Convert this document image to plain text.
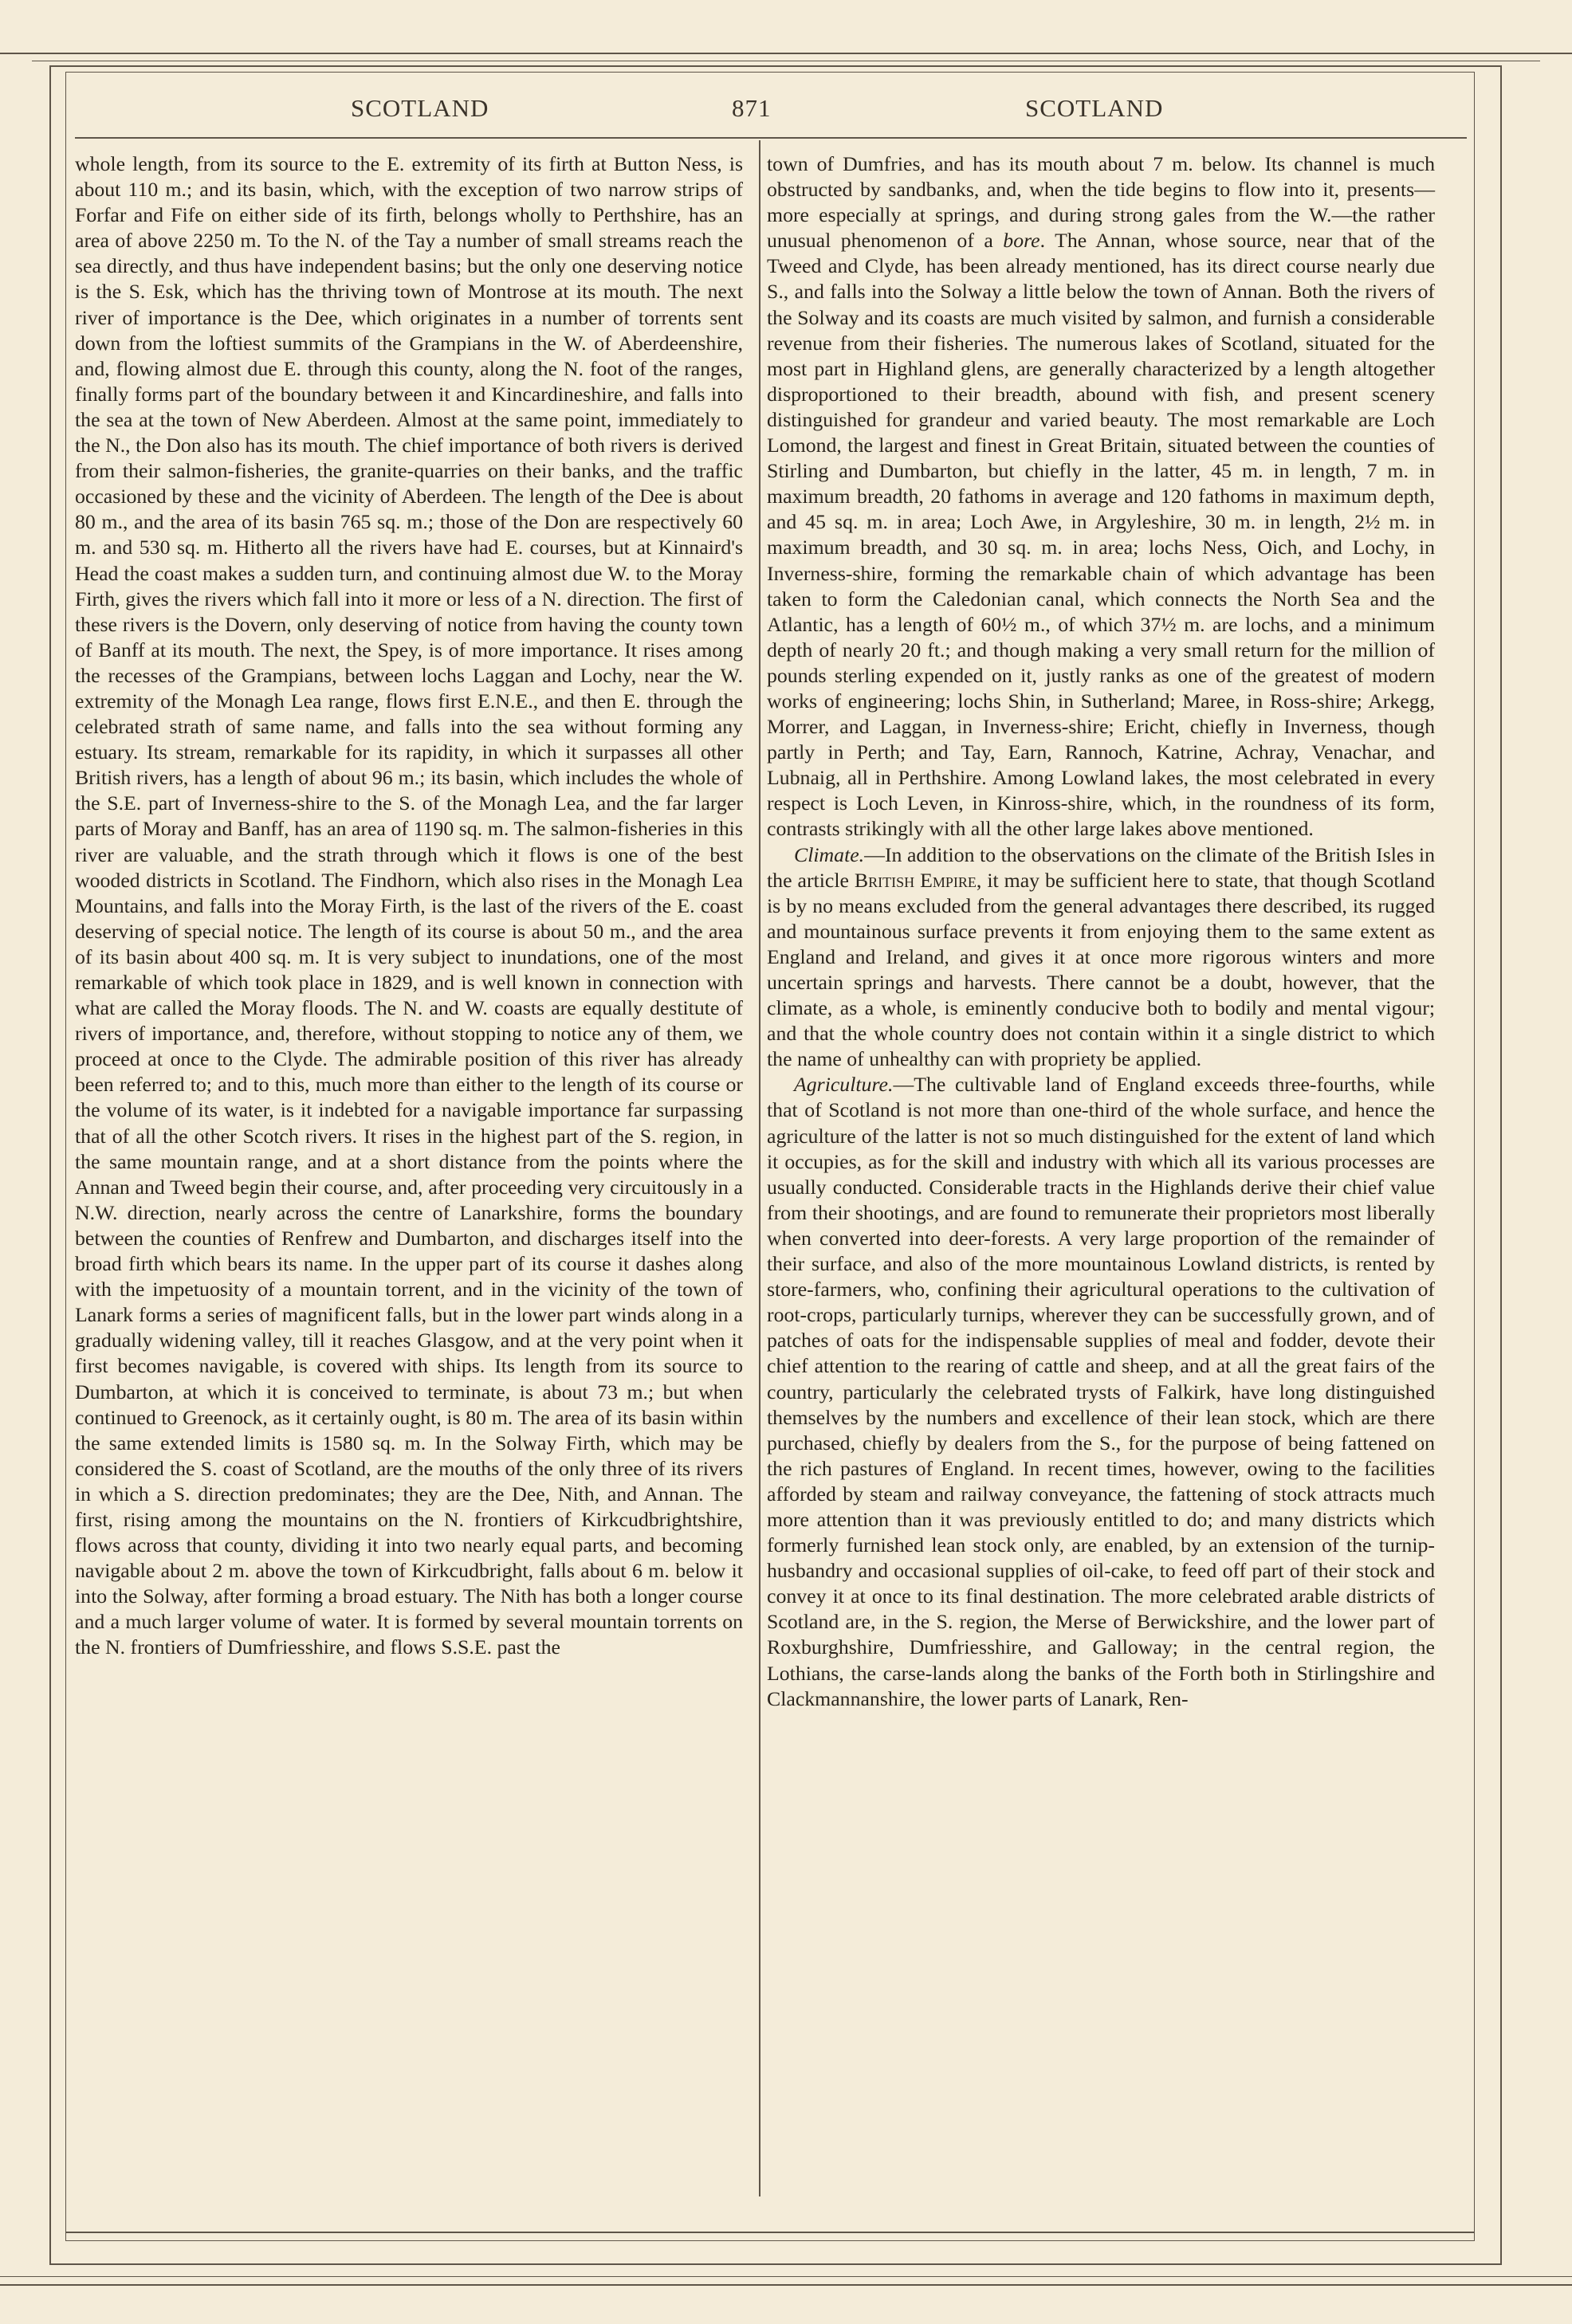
SCOTLAND	871	SCOTLAND

whole length, from its source to the E. extremity of its firth at Button Ness, is about 110 m.; and its basin, which, with the exception of two narrow strips of Forfar and Fife on either side of its firth, belongs wholly to Perthshire, has an area of above 2250 m. To the N. of the Tay a number of small streams reach the sea directly, and thus have independent basins; but the only one deserving notice is the S. Esk, which has the thriving town of Montrose at its mouth. The next river of importance is the Dee, which originates in a number of torrents sent down from the loftiest summits of the Grampians in the W. of Aberdeenshire, and, flowing almost due E. through this county, along the N. foot of the ranges, finally forms part of the boundary between it and Kincardineshire, and falls into the sea at the town of New Aberdeen. Almost at the same point, immediately to the N., the Don also has its mouth. The chief importance of both rivers is derived from their salmon-fisheries, the granite-quarries on their banks, and the traffic occasioned by these and the vicinity of Aberdeen. The length of the Dee is about 80 m., and the area of its basin 765 sq. m.; those of the Don are respectively 60 m. and 530 sq. m. Hitherto all the rivers have had E. courses, but at Kinnaird's Head the coast makes a sudden turn, and continuing almost due W. to the Moray Firth, gives the rivers which fall into it more or less of a N. direction. The first of these rivers is the Dovern, only deserving of notice from having the county town of Banff at its mouth. The next, the Spey, is of more importance. It rises among the recesses of the Grampians, between lochs Laggan and Lochy, near the W. extremity of the Monagh Lea range, flows first E.N.E., and then E. through the celebrated strath of same name, and falls into the sea without forming any estuary. Its stream, remarkable for its rapidity, in which it surpasses all other British rivers, has a length of about 96 m.; its basin, which includes the whole of the S.E. part of Inverness-shire to the S. of the Monagh Lea, and the far larger parts of Moray and Banff, has an area of 1190 sq. m. The salmon-fisheries in this river are valuable, and the strath through which it flows is one of the best wooded districts in Scotland. The Findhorn, which also rises in the Monagh Lea Mountains, and falls into the Moray Firth, is the last of the rivers of the E. coast deserving of special notice. The length of its course is about 50 m., and the area of its basin about 400 sq. m. It is very subject to inundations, one of the most remarkable of which took place in 1829, and is well known in connection with what are called the Moray floods. The N. and W. coasts are equally destitute of rivers of importance, and, therefore, without stopping to notice any of them, we proceed at once to the Clyde. The admirable position of this river has already been referred to; and to this, much more than either to the length of its course or the volume of its water, is it indebted for a navigable importance far surpassing that of all the other Scotch rivers. It rises in the highest part of the S. region, in the same mountain range, and at a short distance from the points where the Annan and Tweed begin their course, and, after proceeding very circuitously in a N.W. direction, nearly across the centre of Lanarkshire, forms the boundary between the counties of Renfrew and Dumbarton, and discharges itself into the broad firth which bears its name. In the upper part of its course it dashes along with the impetuosity of a mountain torrent, and in the vicinity of the town of Lanark forms a series of magnificent falls, but in the lower part winds along in a gradually widening valley, till it reaches Glasgow, and at the very point when it first becomes navigable, is covered with ships. Its length from its source to Dumbarton, at which it is conceived to terminate, is about 73 m.; but when continued to Greenock, as it certainly ought, is 80 m. The area of its basin within the same extended limits is 1580 sq. m. In the Solway Firth, which may be considered the S. coast of Scotland, are the mouths of the only three of its rivers in which a S. direction predominates; they are the Dee, Nith, and Annan. The first, rising among the mountains on the N. frontiers of Kirkcudbrightshire, flows across that county, dividing it into two nearly equal parts, and becoming navigable about 2 m. above the town of Kirkcudbright, falls about 6 m. below it into the Solway, after forming a broad estuary. The Nith has both a longer course and a much larger volume of water. It is formed by several mountain torrents on the N. frontiers of Dumfriesshire, and flows S.S.E. past the

town of Dumfries, and has its mouth about 7 m. below. Its channel is much obstructed by sandbanks, and, when the tide begins to flow into it, presents—more especially at springs, and during strong gales from the W.—the rather unusual phenomenon of a bore. The Annan, whose source, near that of the Tweed and Clyde, has been already mentioned, has its direct course nearly due S., and falls into the Solway a little below the town of Annan. Both the rivers of the Solway and its coasts are much visited by salmon, and furnish a considerable revenue from their fisheries. The numerous lakes of Scotland, situated for the most part in Highland glens, are generally characterized by a length altogether disproportioned to their breadth, abound with fish, and present scenery distinguished for grandeur and varied beauty. The most remarkable are Loch Lomond, the largest and finest in Great Britain, situated between the counties of Stirling and Dumbarton, but chiefly in the latter, 45 m. in length, 7 m. in maximum breadth, 20 fathoms in average and 120 fathoms in maximum depth, and 45 sq. m. in area; Loch Awe, in Argyleshire, 30 m. in length, 2½ m. in maximum breadth, and 30 sq. m. in area; lochs Ness, Oich, and Lochy, in Inverness-shire, forming the remarkable chain of which advantage has been taken to form the Caledonian canal, which connects the North Sea and the Atlantic, has a length of 60½ m., of which 37½ m. are lochs, and a minimum depth of nearly 20 ft.; and though making a very small return for the million of pounds sterling expended on it, justly ranks as one of the greatest of modern works of engineering; lochs Shin, in Sutherland; Maree, in Ross-shire; Arkegg, Morrer, and Laggan, in Inverness-shire; Ericht, chiefly in Inverness, though partly in Perth; and Tay, Earn, Rannoch, Katrine, Achray, Venachar, and Lubnaig, all in Perthshire. Among Lowland lakes, the most celebrated in every respect is Loch Leven, in Kinross-shire, which, in the roundness of its form, contrasts strikingly with all the other large lakes above mentioned.

Climate.—In addition to the observations on the climate of the British Isles in the article British Empire, it may be sufficient here to state, that though Scotland is by no means excluded from the general advantages there described, its rugged and mountainous surface prevents it from enjoying them to the same extent as England and Ireland, and gives it at once more rigorous winters and more uncertain springs and harvests. There cannot be a doubt, however, that the climate, as a whole, is eminently conducive both to bodily and mental vigour; and that the whole country does not contain within it a single district to which the name of unhealthy can with propriety be applied.

Agriculture.—The cultivable land of England exceeds three-fourths, while that of Scotland is not more than one-third of the whole surface, and hence the agriculture of the latter is not so much distinguished for the extent of land which it occupies, as for the skill and industry with which all its various processes are usually conducted. Considerable tracts in the Highlands derive their chief value from their shootings, and are found to remunerate their proprietors most liberally when converted into deer-forests. A very large proportion of the remainder of their surface, and also of the more mountainous Lowland districts, is rented by store-farmers, who, confining their agricultural operations to the cultivation of root-crops, particularly turnips, wherever they can be successfully grown, and of patches of oats for the indispensable supplies of meal and fodder, devote their chief attention to the rearing of cattle and sheep, and at all the great fairs of the country, particularly the celebrated trysts of Falkirk, have long distinguished themselves by the numbers and excellence of their lean stock, which are there purchased, chiefly by dealers from the S., for the purpose of being fattened on the rich pastures of England. In recent times, however, owing to the facilities afforded by steam and railway conveyance, the fattening of stock attracts much more attention than it was previously entitled to do; and many districts which formerly furnished lean stock only, are enabled, by an extension of the turnip-husbandry and occasional supplies of oil-cake, to feed off part of their stock and convey it at once to its final destination. The more celebrated arable districts of Scotland are, in the S. region, the Merse of Berwickshire, and the lower part of Roxburghshire, Dumfriesshire, and Galloway; in the central region, the Lothians, the carse-lands along the banks of the Forth both in Stirlingshire and Clackmannanshire, the lower parts of Lanark, Ren-
